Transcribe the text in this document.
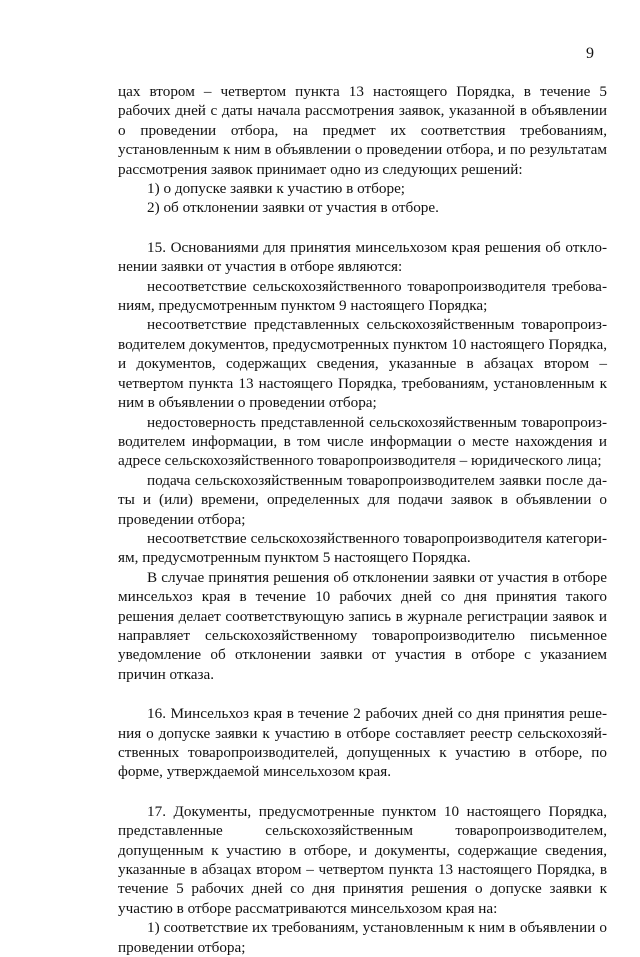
9

цах втором – четвертом пункта 13 настоящего Порядка, в течение 5 рабочих дней с даты начала рассмотрения заявок, указанной в объявлении о проведении отбора, на предмет их соответствия требованиям, установленным к ним в объявлении о проведении отбора, и по результатам рассмотрения заявок принимает одно из следующих решений:

1) о допуске заявки к участию в отборе;

2) об отклонении заявки от участия в отборе.

15. Основаниями для принятия минсельхозом края решения об отклонении заявки от участия в отборе являются:

несоответствие сельскохозяйственного товаропроизводителя требованиям, предусмотренным пунктом 9 настоящего Порядка;

несоответствие представленных сельскохозяйственным товаропроизводителем документов, предусмотренных пунктом 10 настоящего Порядка, и документов, содержащих сведения, указанные в абзацах втором – четвертом пункта 13 настоящего Порядка, требованиям, установленным к ним в объявлении о проведении отбора;

недостоверность представленной сельскохозяйственным товаропроизводителем информации, в том числе информации о месте нахождения и адресе сельскохозяйственного товаропроизводителя – юридического лица;

подача сельскохозяйственным товаропроизводителем заявки после даты и (или) времени, определенных для подачи заявок в объявлении о проведении отбора;

несоответствие сельскохозяйственного товаропроизводителя категориям, предусмотренным пунктом 5 настоящего Порядка.

В случае принятия решения об отклонении заявки от участия в отборе минсельхоз края в течение 10 рабочих дней со дня принятия такого решения делает соответствующую запись в журнале регистрации заявок и направляет сельскохозяйственному товаропроизводителю письменное уведомление об отклонении заявки от участия в отборе с указанием причин отказа.

16. Минсельхоз края в течение 2 рабочих дней со дня принятия решения о допуске заявки к участию в отборе составляет реестр сельскохозяйственных товаропроизводителей, допущенных к участию в отборе, по форме, утверждаемой минсельхозом края.

17. Документы, предусмотренные пунктом 10 настоящего Порядка, представленные сельскохозяйственным товаропроизводителем, допущенным к участию в отборе, и документы, содержащие сведения, указанные в абзацах втором – четвертом пункта 13 настоящего Порядка, в течение 5 рабочих дней со дня принятия решения о допуске заявки к участию в отборе рассматриваются минсельхозом края на:

1) соответствие их требованиям, установленным к ним в объявлении о проведении отбора;
